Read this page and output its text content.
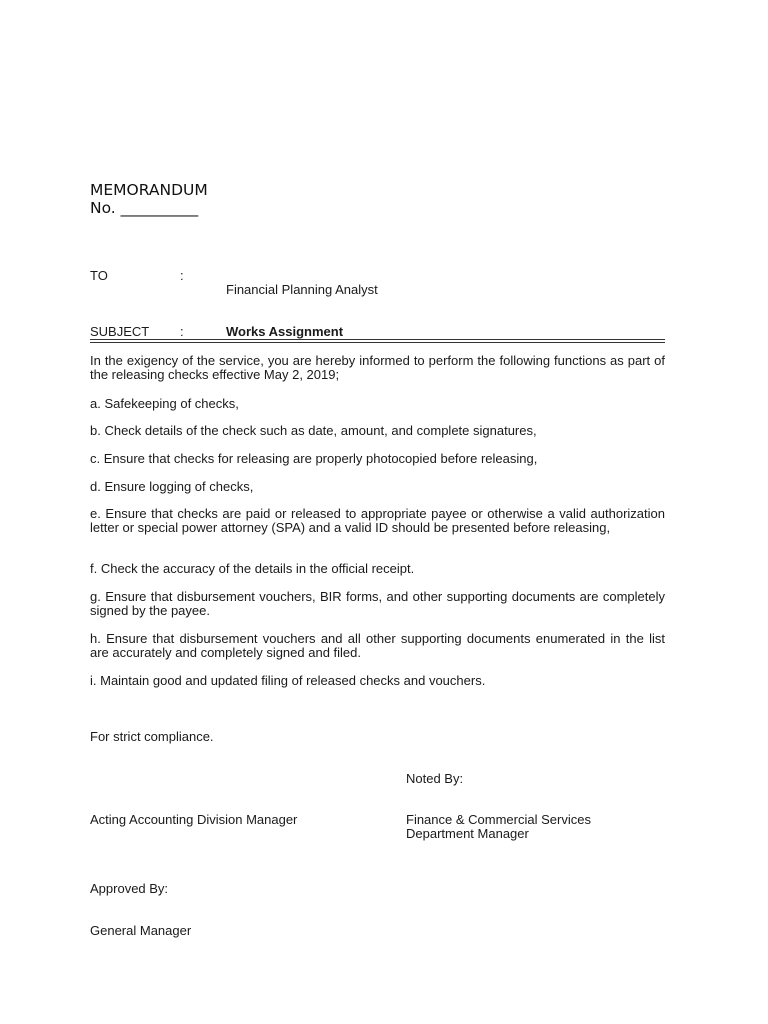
MEMORANDUM
No. __________
TO	:
Financial Planning Analyst
SUBJECT :	Works Assignment
In the exigency of the service, you are hereby informed to perform the following functions as part of the releasing checks effective May 2, 2019;
a. Safekeeping of checks,
b. Check details of the check such as date, amount, and complete signatures,
c. Ensure that checks for releasing are properly photocopied before releasing,
d. Ensure logging of checks,
e. Ensure that checks are paid or released to appropriate payee or otherwise a valid authorization letter or special power attorney (SPA) and a valid ID should be presented before releasing,
f. Check the accuracy of the details in the official receipt.
g. Ensure that disbursement vouchers, BIR forms, and other supporting documents are completely signed by the payee.
h. Ensure that disbursement vouchers and all other supporting documents enumerated in the list are accurately and completely signed and filed.
i. Maintain good and updated filing of released checks and vouchers.
For strict compliance.
Noted By:
Acting Accounting Division Manager	Finance & Commercial Services
Department Manager
Approved By:
General Manager
